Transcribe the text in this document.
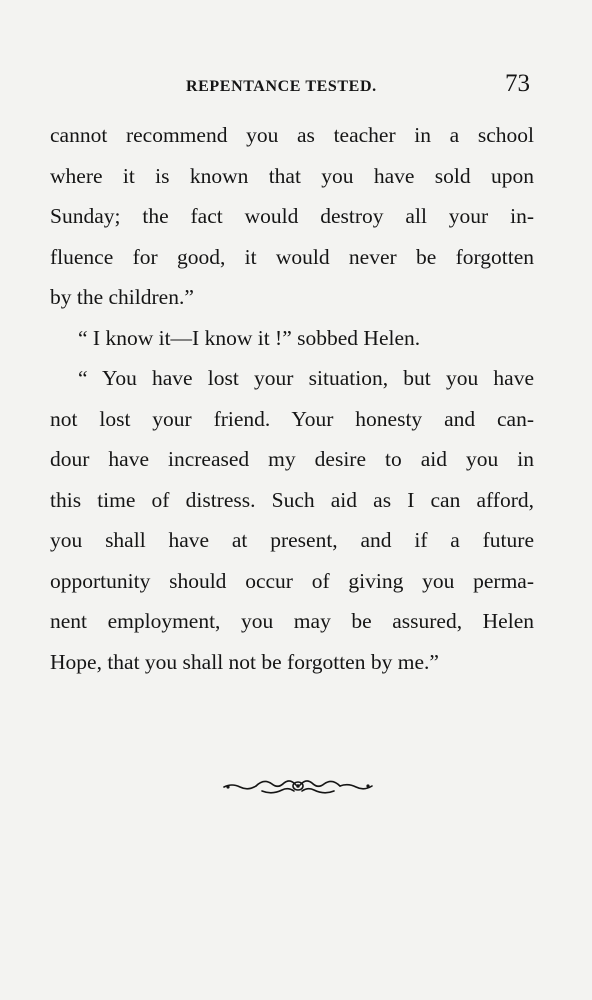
REPENTANCE TESTED.	73
cannot recommend you as teacher in a school
where it is known that you have sold upon
Sunday; the fact would destroy all your in-
fluence for good, it would never be forgotten
by the children.”
“ I know it—I know it !” sobbed Helen.
“ You have lost your situation, but you have
not lost your friend. Your honesty and can-
dour have increased my desire to aid you in
this time of distress. Such aid as I can afford,
you shall have at present, and if a future
opportunity should occur of giving you perma-
nent employment, you may be assured, Helen
Hope, that you shall not be forgotten by me.”
